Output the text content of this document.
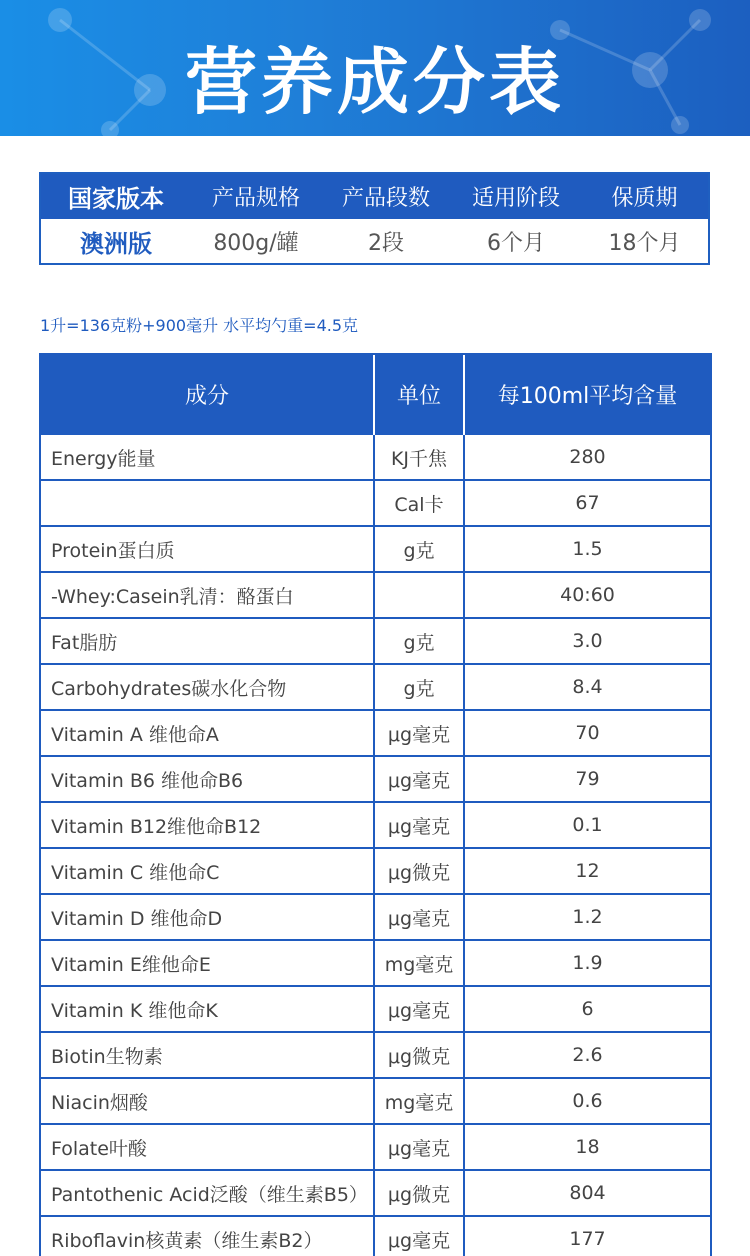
营养成分表
国家版本	产品规格	产品段数	适用阶段	保质期
澳洲版	800g/罐	2段	6个月	18个月
1升=136克粉+900毫升 水平均勺重=4.5克
成分	单位	每100ml平均含量
Energy能量	KJ千焦	280
	Cal卡	67
Protein蛋白质	g克	1.5
-Whey:Casein乳清：酪蛋白		40:60
Fat脂肪	g克	3.0
Carbohydrates碳水化合物	g克	8.4
Vitamin A 维他命A	μg毫克	70
Vitamin B6 维他命B6	μg毫克	79
Vitamin B12维他命B12	μg毫克	0.1
Vitamin C 维他命C	μg微克	12
Vitamin D 维他命D	μg毫克	1.2
Vitamin E维他命E	mg毫克	1.9
Vitamin K 维他命K	μg毫克	6
Biotin生物素	μg微克	2.6
Niacin烟酸	mg毫克	0.6
Folate叶酸	μg毫克	18
Pantothenic Acid泛酸（维生素B5）	μg微克	804
Riboflavin核黄素（维生素B2）	μg毫克	177
